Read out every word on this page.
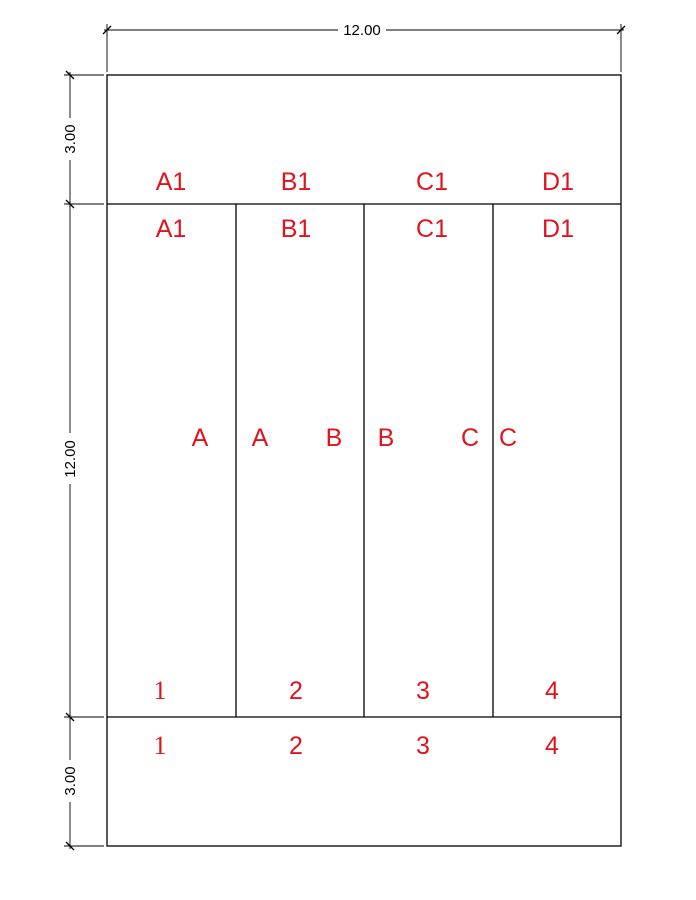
12.00
3.00
12.00
3.00
A1	B1	C1	D1
A1	B1	C1	D1
A A B B	C C
1	2	3	4
1	2	3	4
